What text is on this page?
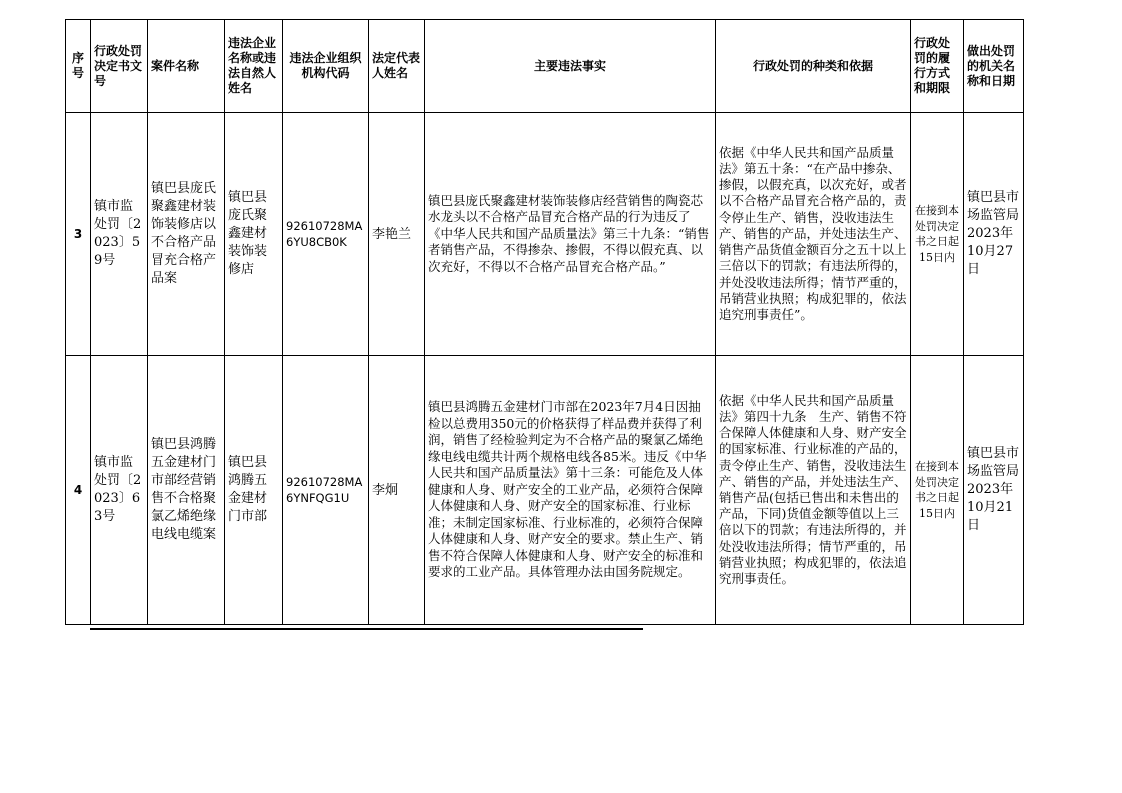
序号	行政处罚决定书文号	案件名称	违法企业名称或违法自然人姓名	违法企业组织机构代码	法定代表人姓名	主要违法事实	行政处罚的种类和依据	行政处罚的履行方式和期限	做出处罚的机关名称和日期
3	镇市监处罚〔2023〕59号	镇巴县庞氏聚鑫建材装饰装修店以不合格产品冒充合格产品案	镇巴县庞氏聚鑫建材装饰装修店	92610728MA6YU8CB0K	李艳兰	镇巴县庞氏聚鑫建材装饰装修店经营销售的陶瓷芯水龙头以不合格产品冒充合格产品的行为违反了《中华人民共和国产品质量法》第三十九条：“销售者销售产品，不得掺杂、掺假，不得以假充真、以次充好，不得以不合格产品冒充合格产品。”	依据《中华人民共和国产品质量法》第五十条：“在产品中掺杂、掺假，以假充真，以次充好，或者以不合格产品冒充合格产品的，责令停止生产、销售，没收违法生产、销售的产品，并处违法生产、销售产品货值金额百分之五十以上三倍以下的罚款；有违法所得的，并处没收违法所得；情节严重的，吊销营业执照；构成犯罪的，依法追究刑事责任”。	在接到本处罚决定书之日起15日内	镇巴县市场监管局2023年10月27日
4	镇市监处罚〔2023〕63号	镇巴县鸿腾五金建材门市部经营销售不合格聚氯乙烯绝缘电线电缆案	镇巴县鸿腾五金建材门市部	92610728MA6YNFQG1U	李炯	镇巴县鸿腾五金建材门市部在2023年7月4日因抽检以总费用350元的价格获得了样品费并获得了利润，销售了经检验判定为不合格产品的聚氯乙烯绝缘电线电缆共计两个规格电线各85米。违反《中华人民共和国产品质量法》第十三条：可能危及人体健康和人身、财产安全的工业产品，必须符合保障人体健康和人身、财产安全的国家标准、行业标准；未制定国家标准、行业标准的，必须符合保障人体健康和人身、财产安全的要求。禁止生产、销售不符合保障人体健康和人身、财产安全的标准和要求的工业产品。具体管理办法由国务院规定。	依据《中华人民共和国产品质量法》第四十九条　生产、销售不符合保障人体健康和人身、财产安全的国家标准、行业标准的产品的，责令停止生产、销售，没收违法生产、销售的产品，并处违法生产、销售产品(包括已售出和未售出的产品，下同)货值金额等值以上三倍以下的罚款；有违法所得的，并处没收违法所得；情节严重的，吊销营业执照；构成犯罪的，依法追究刑事责任。	在接到本处罚决定书之日起15日内	镇巴县市场监管局2023年10月21日
